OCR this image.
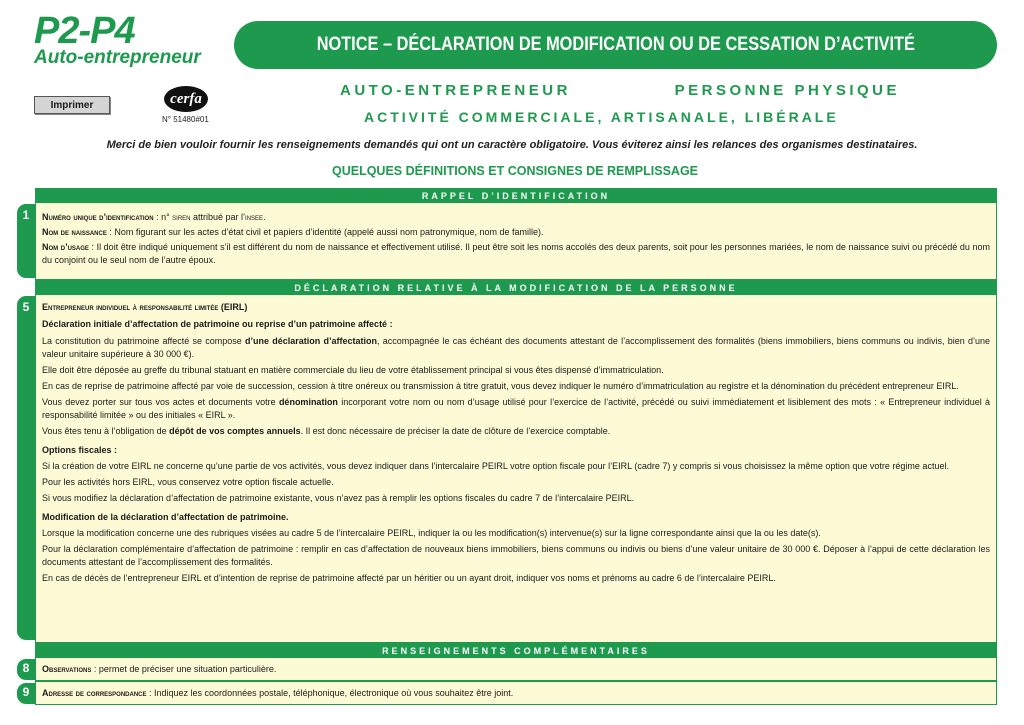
P2-P4
Auto-entrepreneur
NOTICE – DÉCLARATION DE MODIFICATION OU DE CESSATION D’ACTIVITÉ
Imprimer	cerfa
N° 51480#01
AUTO-ENTREPRENEUR	PERSONNE PHYSIQUE
ACTIVITÉ COMMERCIALE, ARTISANALE, LIBÉRALE
Merci de bien vouloir fournir les renseignements demandés qui ont un caractère obligatoire. Vous éviterez ainsi les relances des organismes destinataires.
QUELQUES DÉFINITIONS ET CONSIGNES DE REMPLISSAGE
RAPPEL D’IDENTIFICATION
1	Numéro unique d’identification : n° siren attribué par l’insee.

Nom de naissance : Nom figurant sur les actes d’état civil et papiers d’identité (appelé aussi nom patronymique, nom de famille).

Nom d’usage : Il doit être indiqué uniquement s’il est différent du nom de naissance et effectivement utilisé. Il peut être soit les noms accolés des deux parents, soit pour les personnes mariées, le nom de naissance suivi ou précédé du nom du conjoint ou le seul nom de l’autre époux.

DÉCLARATION RELATIVE À LA MODIFICATION DE LA PERSONNE
5	Entrepreneur individuel à responsabilité limitée (EIRL)

Déclaration initiale d’affectation de patrimoine ou reprise d’un patrimoine affecté :

La constitution du patrimoine affecté se compose d’une déclaration d’affectation, accompagnée le cas échéant des documents attestant de l’accomplissement des formalités (biens immobiliers, biens communs ou indivis, bien d’une valeur unitaire supérieure à 30 000 €).

Elle doit être déposée au greffe du tribunal statuant en matière commerciale du lieu de votre établissement principal si vous êtes dispensé d’immatriculation.

En cas de reprise de patrimoine affecté par voie de succession, cession à titre onéreux ou transmission à titre gratuit, vous devez indiquer le numéro d’immatriculation au registre et la dénomination du précédent entrepreneur EIRL.

Vous devez porter sur tous vos actes et documents votre dénomination incorporant votre nom ou nom d’usage utilisé pour l’exercice de l’activité, précédé ou suivi immédiatement et lisiblement des mots : « Entrepreneur individuel à responsabilité limitée » ou des initiales « EIRL ».

Vous êtes tenu à l’obligation de dépôt de vos comptes annuels. Il est donc nécessaire de préciser la date de clôture de l’exercice comptable.

Options fiscales :

Si la création de votre EIRL ne concerne qu’une partie de vos activités, vous devez indiquer dans l’intercalaire PEIRL votre option fiscale pour l’EIRL (cadre 7) y compris si vous choisissez la même option que votre régime actuel.

Pour les activités hors EIRL, vous conservez votre option fiscale actuelle.

Si vous modifiez la déclaration d’affectation de patrimoine existante, vous n’avez pas à remplir les options fiscales du cadre 7 de l’intercalaire PEIRL.

Modification de la déclaration d’affectation de patrimoine.

Lorsque la modification concerne une des rubriques visées au cadre 5 de l’intercalaire PEIRL, indiquer la ou les modification(s) intervenue(s) sur la ligne correspondante ainsi que la ou les date(s).

Pour la déclaration complémentaire d’affectation de patrimoine : remplir en cas d’affectation de nouveaux biens immobiliers, biens communs ou indivis ou biens d’une valeur unitaire de 30 000 €. Déposer à l’appui de cette déclaration les documents attestant de l’accomplissement des formalités.

En cas de décès de l’entrepreneur EIRL et d’intention de reprise de patrimoine affecté par un héritier ou un ayant droit, indiquer vos noms et prénoms au cadre 6 de l’intercalaire PEIRL.

RENSEIGNEMENTS COMPLÉMENTAIRES
8	Observations : permet de préciser une situation particulière.

9	Adresse de correspondance : Indiquez les coordonnées postale, téléphonique, électronique où vous souhaitez être joint.
